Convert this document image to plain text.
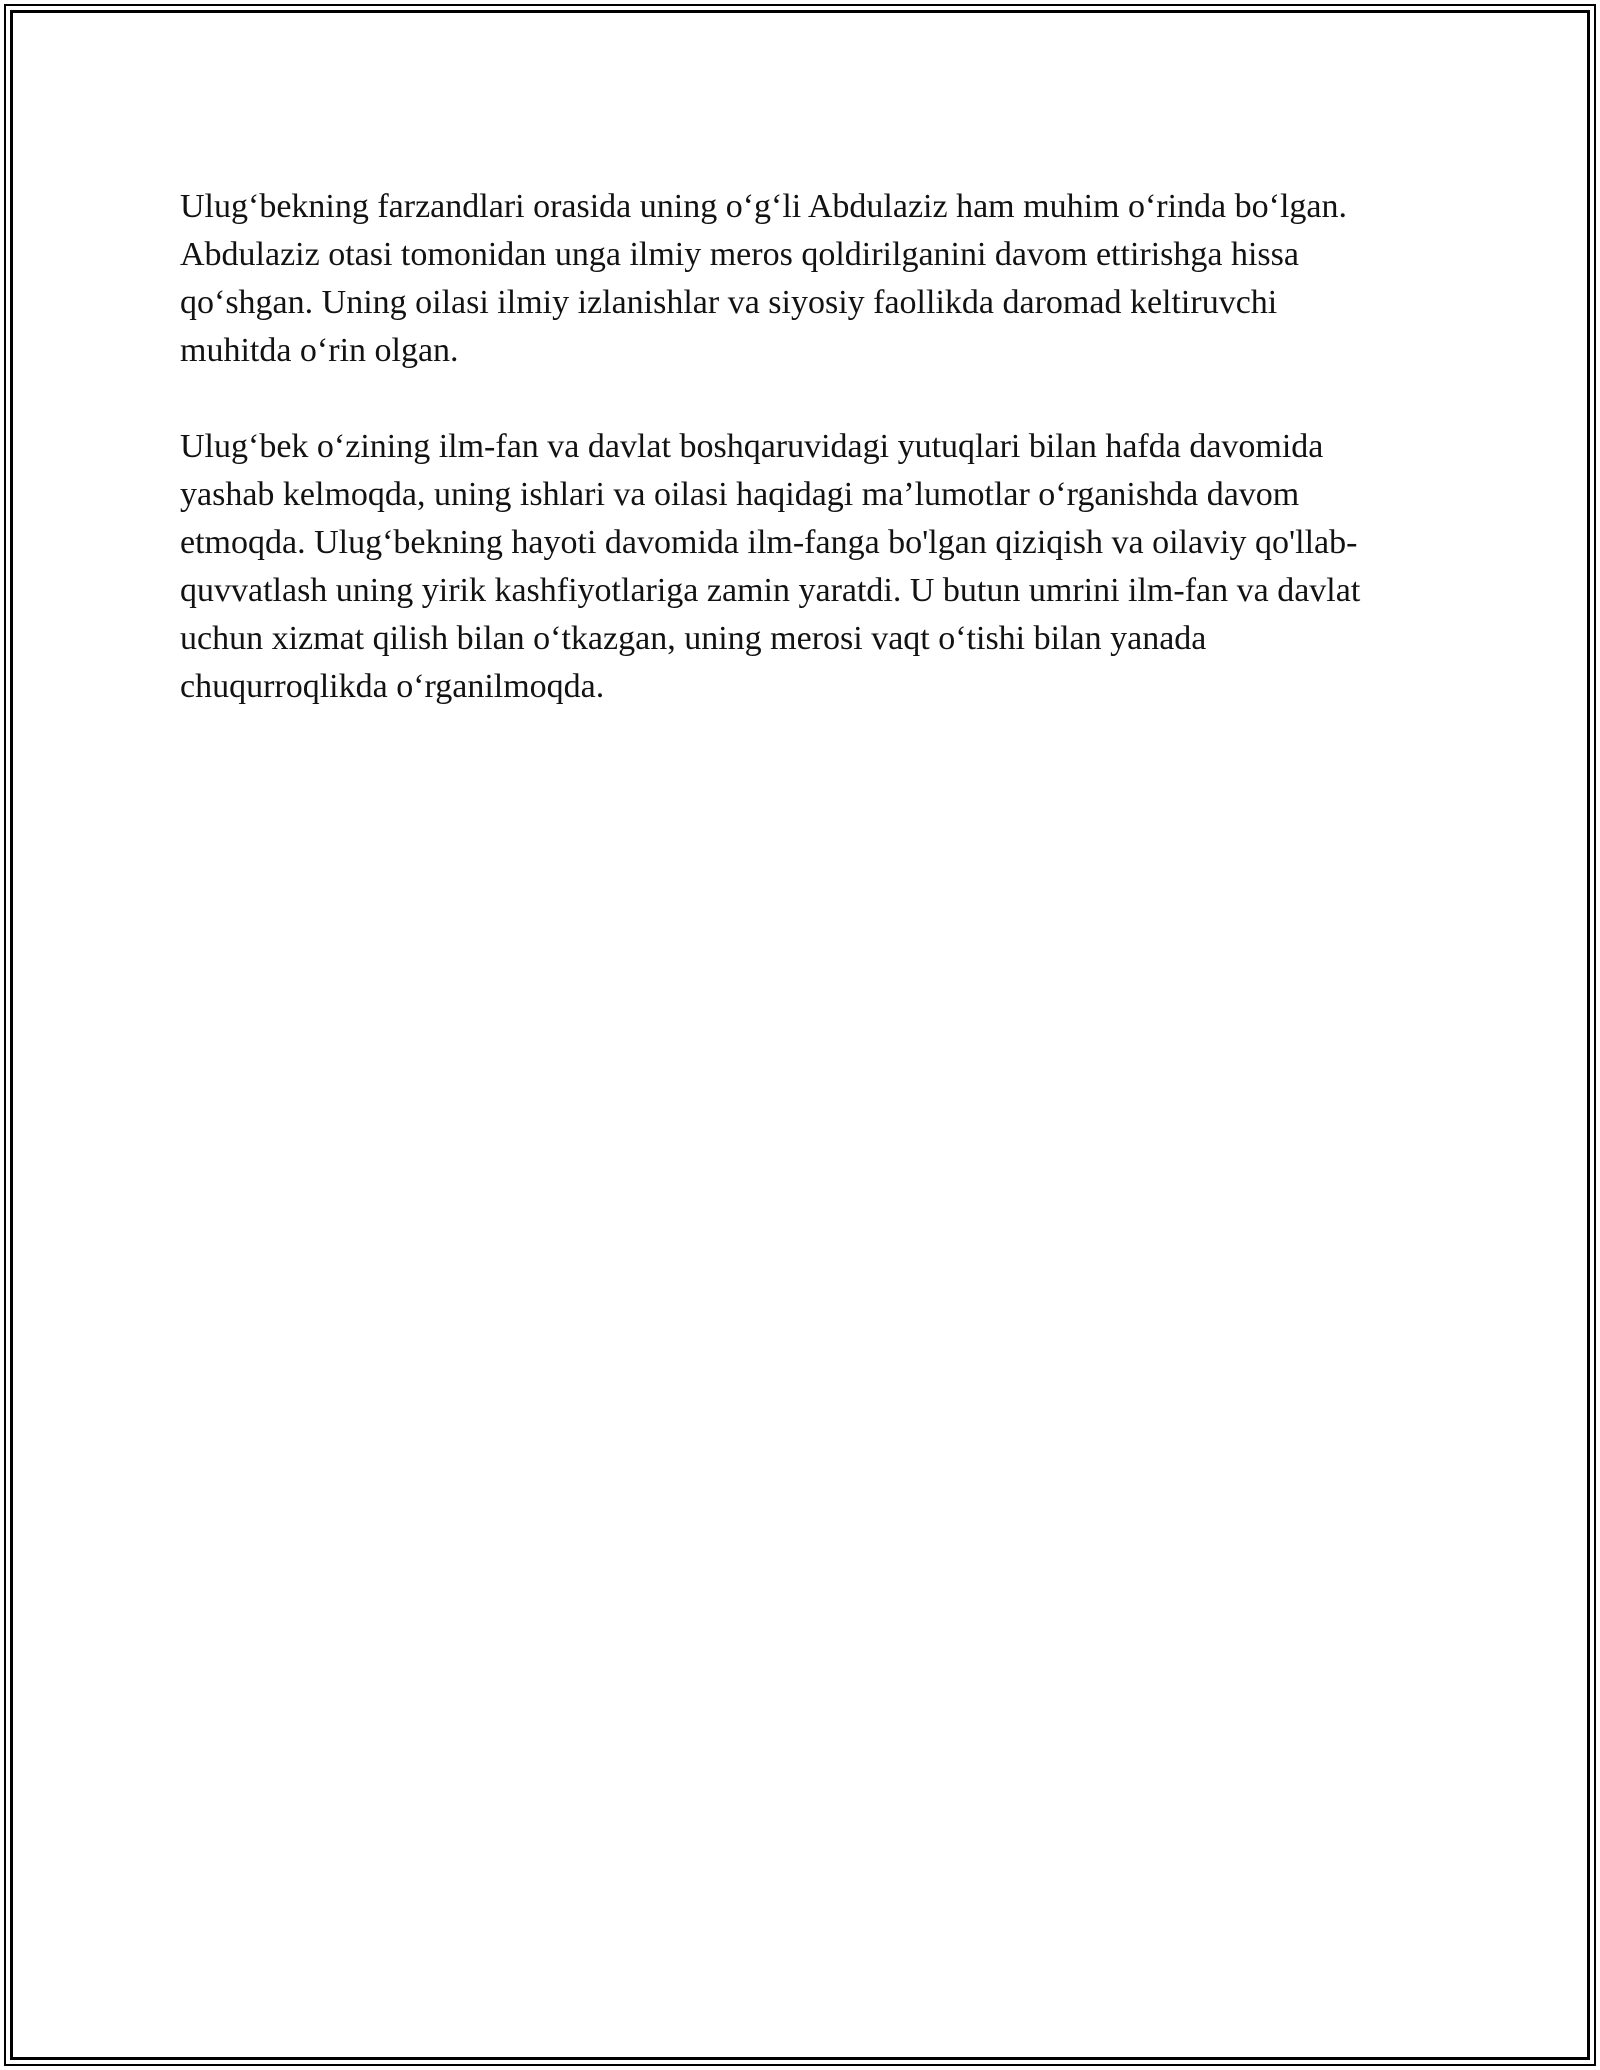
Ulug‘bekning farzandlari orasida uning o‘g‘li Abdulaziz ham muhim o‘rinda bo‘lgan. Abdulaziz otasi tomonidan unga ilmiy meros qoldirilganini davom ettirishga hissa qo‘shgan. Uning oilasi ilmiy izlanishlar va siyosiy faollikda daromad keltiruvchi muhitda o‘rin olgan.

Ulug‘bek o‘zining ilm-fan va davlat boshqaruvidagi yutuqlari bilan hafda davomida yashab kelmoqda, uning ishlari va oilasi haqidagi ma’lumotlar o‘rganishda davom etmoqda. Ulug‘bekning hayoti davomida ilm-fanga bo'lgan qiziqish va oilaviy qo'llab-quvvatlash uning yirik kashfiyotlariga zamin yaratdi. U butun umrini ilm-fan va davlat uchun xizmat qilish bilan o‘tkazgan, uning merosi vaqt o‘tishi bilan yanada chuqurroqlikda o‘rganilmoqda.
